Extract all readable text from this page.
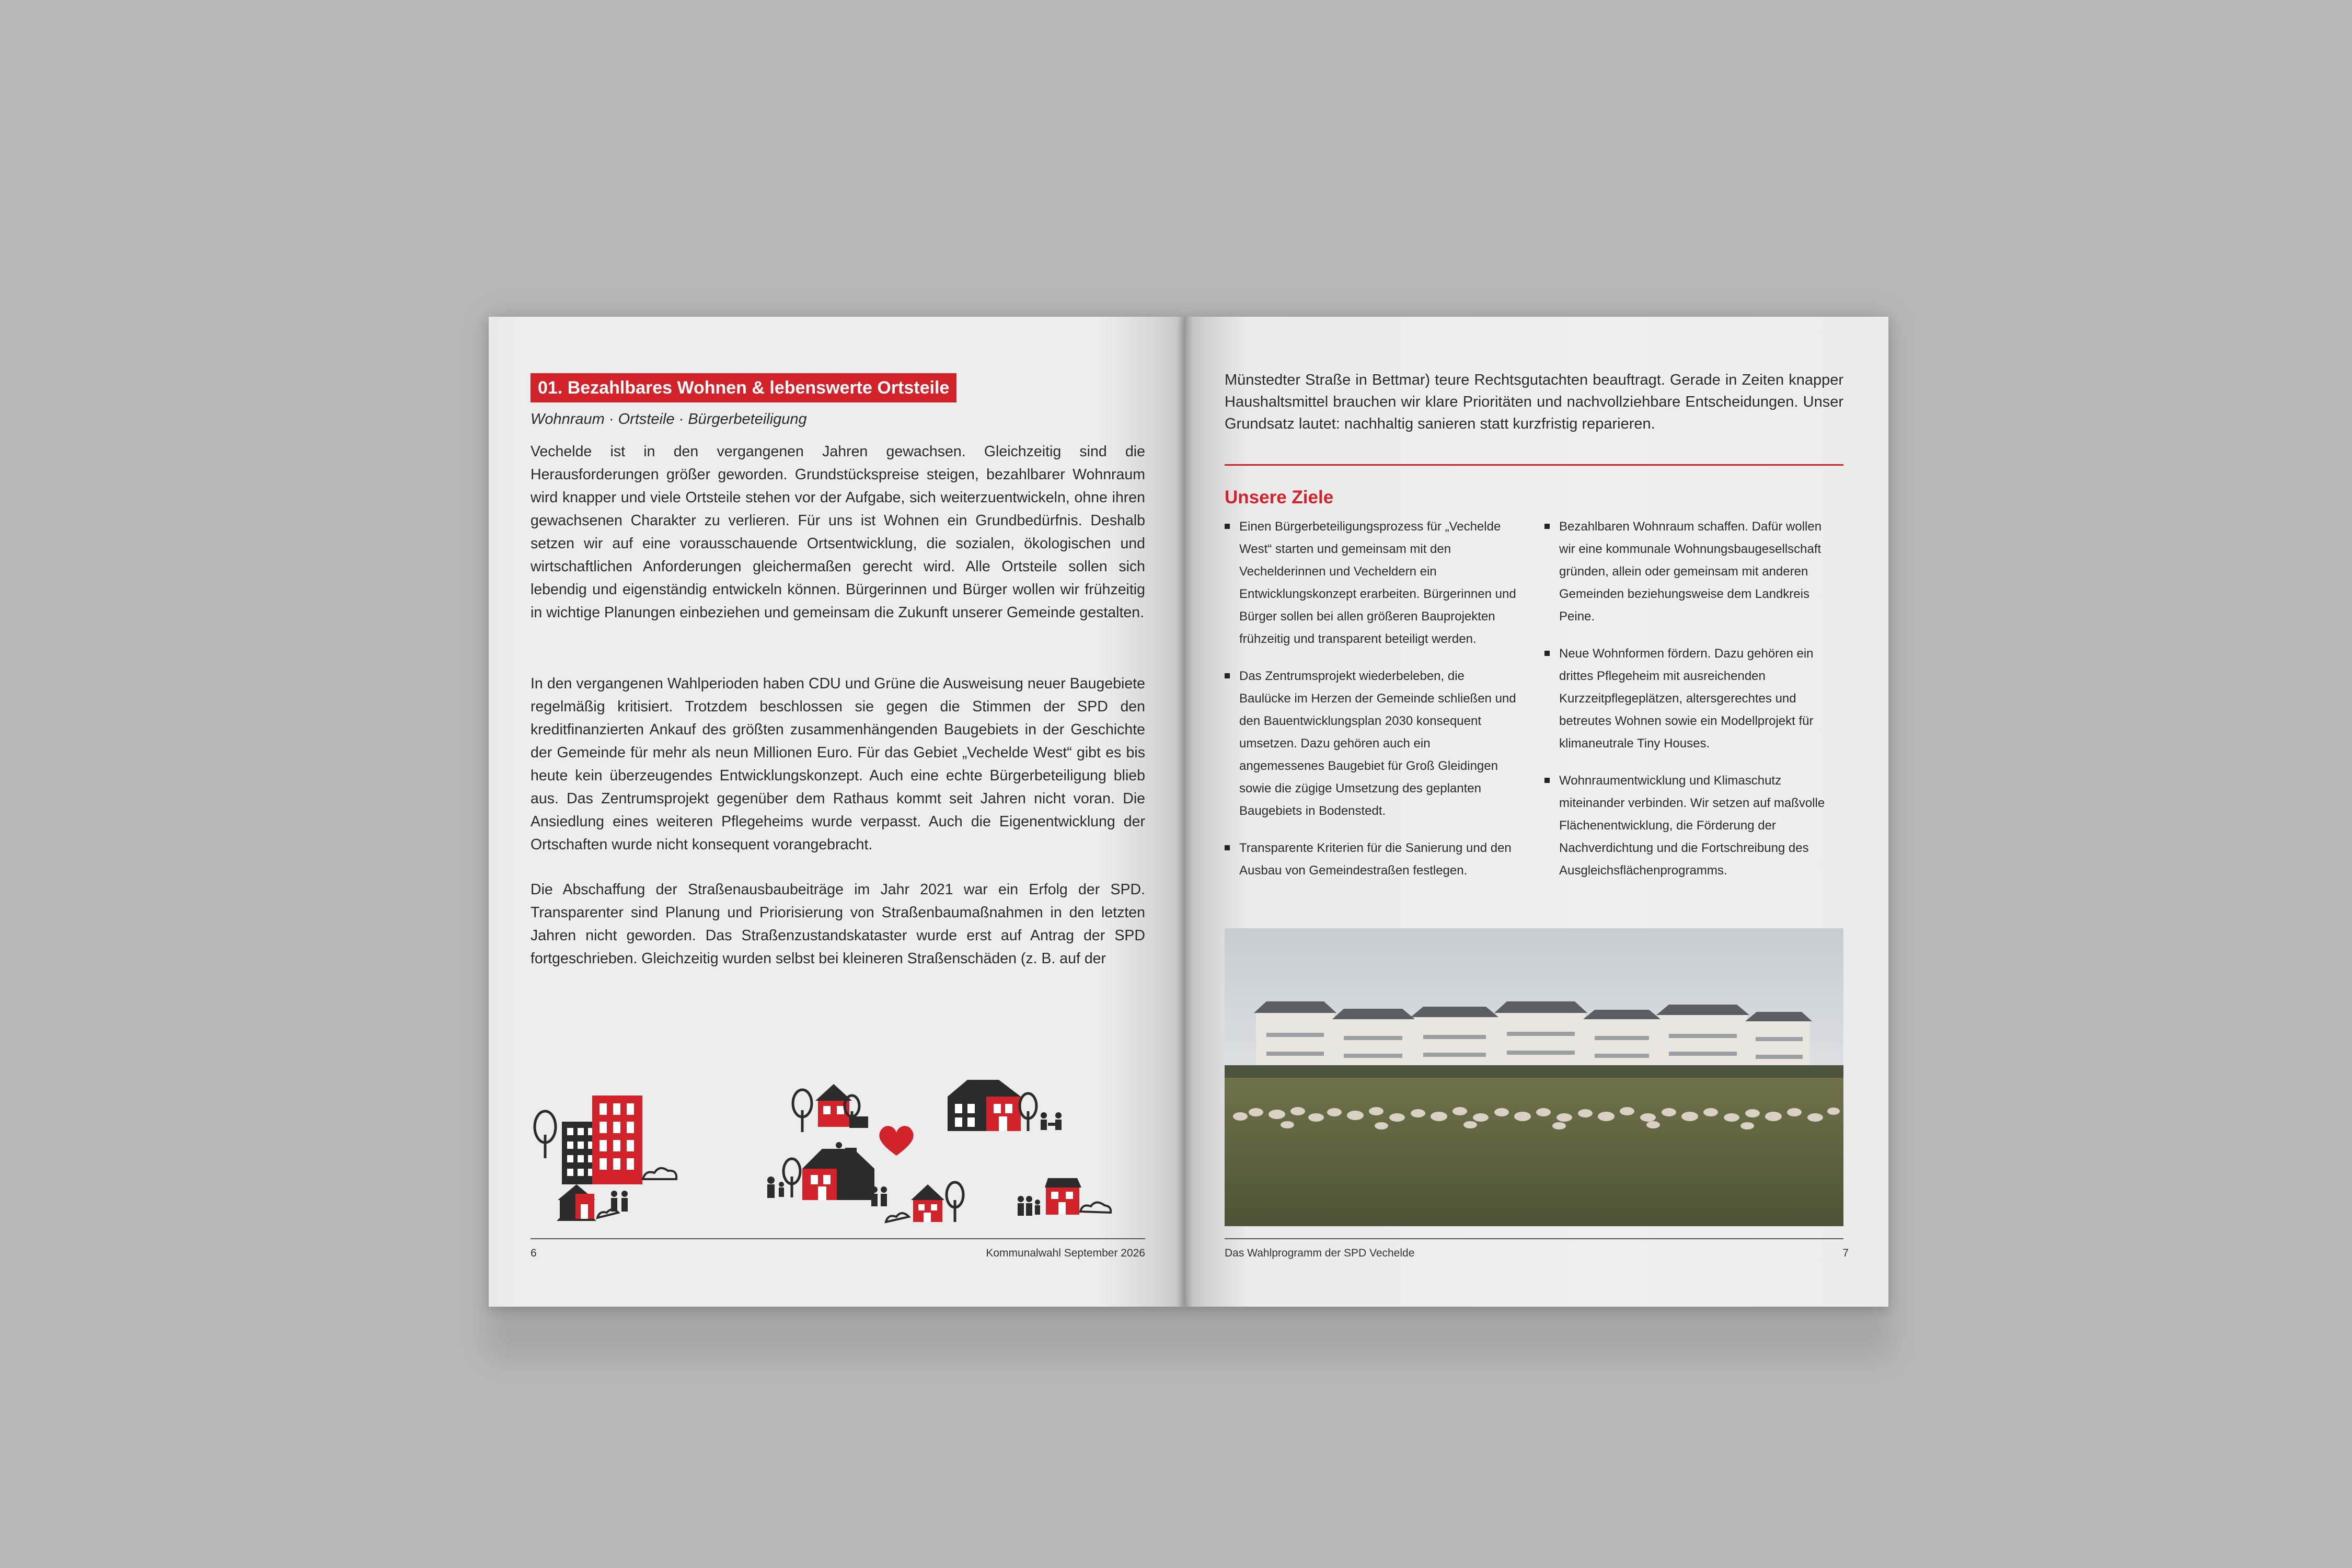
01. Bezahlbares Wohnen & lebenswerte Ortsteile
Wohnraum · Ortsteile · Bürgerbeteiligung

Vechelde ist in den vergangenen Jahren gewachsen. Gleichzeitig sind die Herausforderungen größer geworden. Grundstückspreise steigen, bezahlbarer Wohnraum wird knapper und viele Ortsteile stehen vor der Aufgabe, sich weiterzuentwickeln, ohne ihren gewachsenen Charakter zu verlieren. Für uns ist Wohnen ein Grundbedürfnis. Deshalb setzen wir auf eine vorausschauende Ortsentwicklung, die sozialen, ökologischen und wirtschaftlichen Anforderungen gleichermaßen gerecht wird. Alle Ortsteile sollen sich lebendig und eigenständig entwickeln können. Bürgerinnen und Bürger wollen wir frühzeitig in wichtige Planungen einbeziehen und gemeinsam die Zukunft unserer Gemeinde gestalten.

In den vergangenen Wahlperioden haben CDU und Grüne die Ausweisung neuer Baugebiete regelmäßig kritisiert. Trotzdem beschlossen sie gegen die Stimmen der SPD den kreditfinanzierten Ankauf des größten zusammenhängenden Baugebiets in der Geschichte der Gemeinde für mehr als neun Millionen Euro. Für das Gebiet „Vechelde West“ gibt es bis heute kein überzeugendes Entwicklungskonzept. Auch eine echte Bürgerbeteiligung blieb aus. Das Zentrumsprojekt gegenüber dem Rathaus kommt seit Jahren nicht voran. Die Ansiedlung eines weiteren Pflegeheims wurde verpasst. Auch die Eigenentwicklung der Ortschaften wurde nicht konsequent vorangebracht.

Die Abschaffung der Straßenausbaubeiträge im Jahr 2021 war ein Erfolg der SPD. Transparenter sind Planung und Priorisierung von Straßenbaumaßnahmen in den letzten Jahren nicht geworden. Das Straßenzustandskataster wurde erst auf Antrag der SPD fortgeschrieben. Gleichzeitig wurden selbst bei kleineren Straßenschäden (z. B. auf der

6	Kommunalwahl September 2026

Münstedter Straße in Bettmar) teure Rechtsgutachten beauftragt. Gerade in Zeiten knapper Haushaltsmittel brauchen wir klare Prioritäten und nachvollziehbare Entscheidungen. Unser Grundsatz lautet: nachhaltig sanieren statt kurzfristig reparieren.

Unsere Ziele
Einen Bürgerbeteiligungsprozess für „Vechelde West“ starten und gemeinsam mit den Vechelderinnen und Vecheldern ein Entwicklungskonzept erarbeiten. Bürgerinnen und Bürger sollen bei allen größeren Bauprojekten frühzeitig und transparent beteiligt werden.
Das Zentrumsprojekt wiederbeleben, die Baulücke im Herzen der Gemeinde schließen und den Bauentwicklungsplan 2030 konsequent umsetzen. Dazu gehören auch ein angemessenes Baugebiet für Groß Gleidingen sowie die zügige Umsetzung des geplanten Baugebiets in Bodenstedt.
Transparente Kriterien für die Sanierung und den Ausbau von Gemeindestraßen festlegen.
Bezahlbaren Wohnraum schaffen. Dafür wollen wir eine kommunale Wohnungsbaugesellschaft gründen, allein oder gemeinsam mit anderen Gemeinden beziehungsweise dem Landkreis Peine.
Neue Wohnformen fördern. Dazu gehören ein drittes Pflegeheim mit ausreichenden Kurzzeitpflegeplätzen, altersgerechtes und betreutes Wohnen sowie ein Modellprojekt für klimaneutrale Tiny Houses.
Wohnraumentwicklung und Klimaschutz miteinander verbinden. Wir setzen auf maßvolle Flächenentwicklung, die Förderung der Nachverdichtung und die Fortschreibung des Ausgleichsflächenprogramms.
Das Wahlprogramm der SPD Vechelde	7
